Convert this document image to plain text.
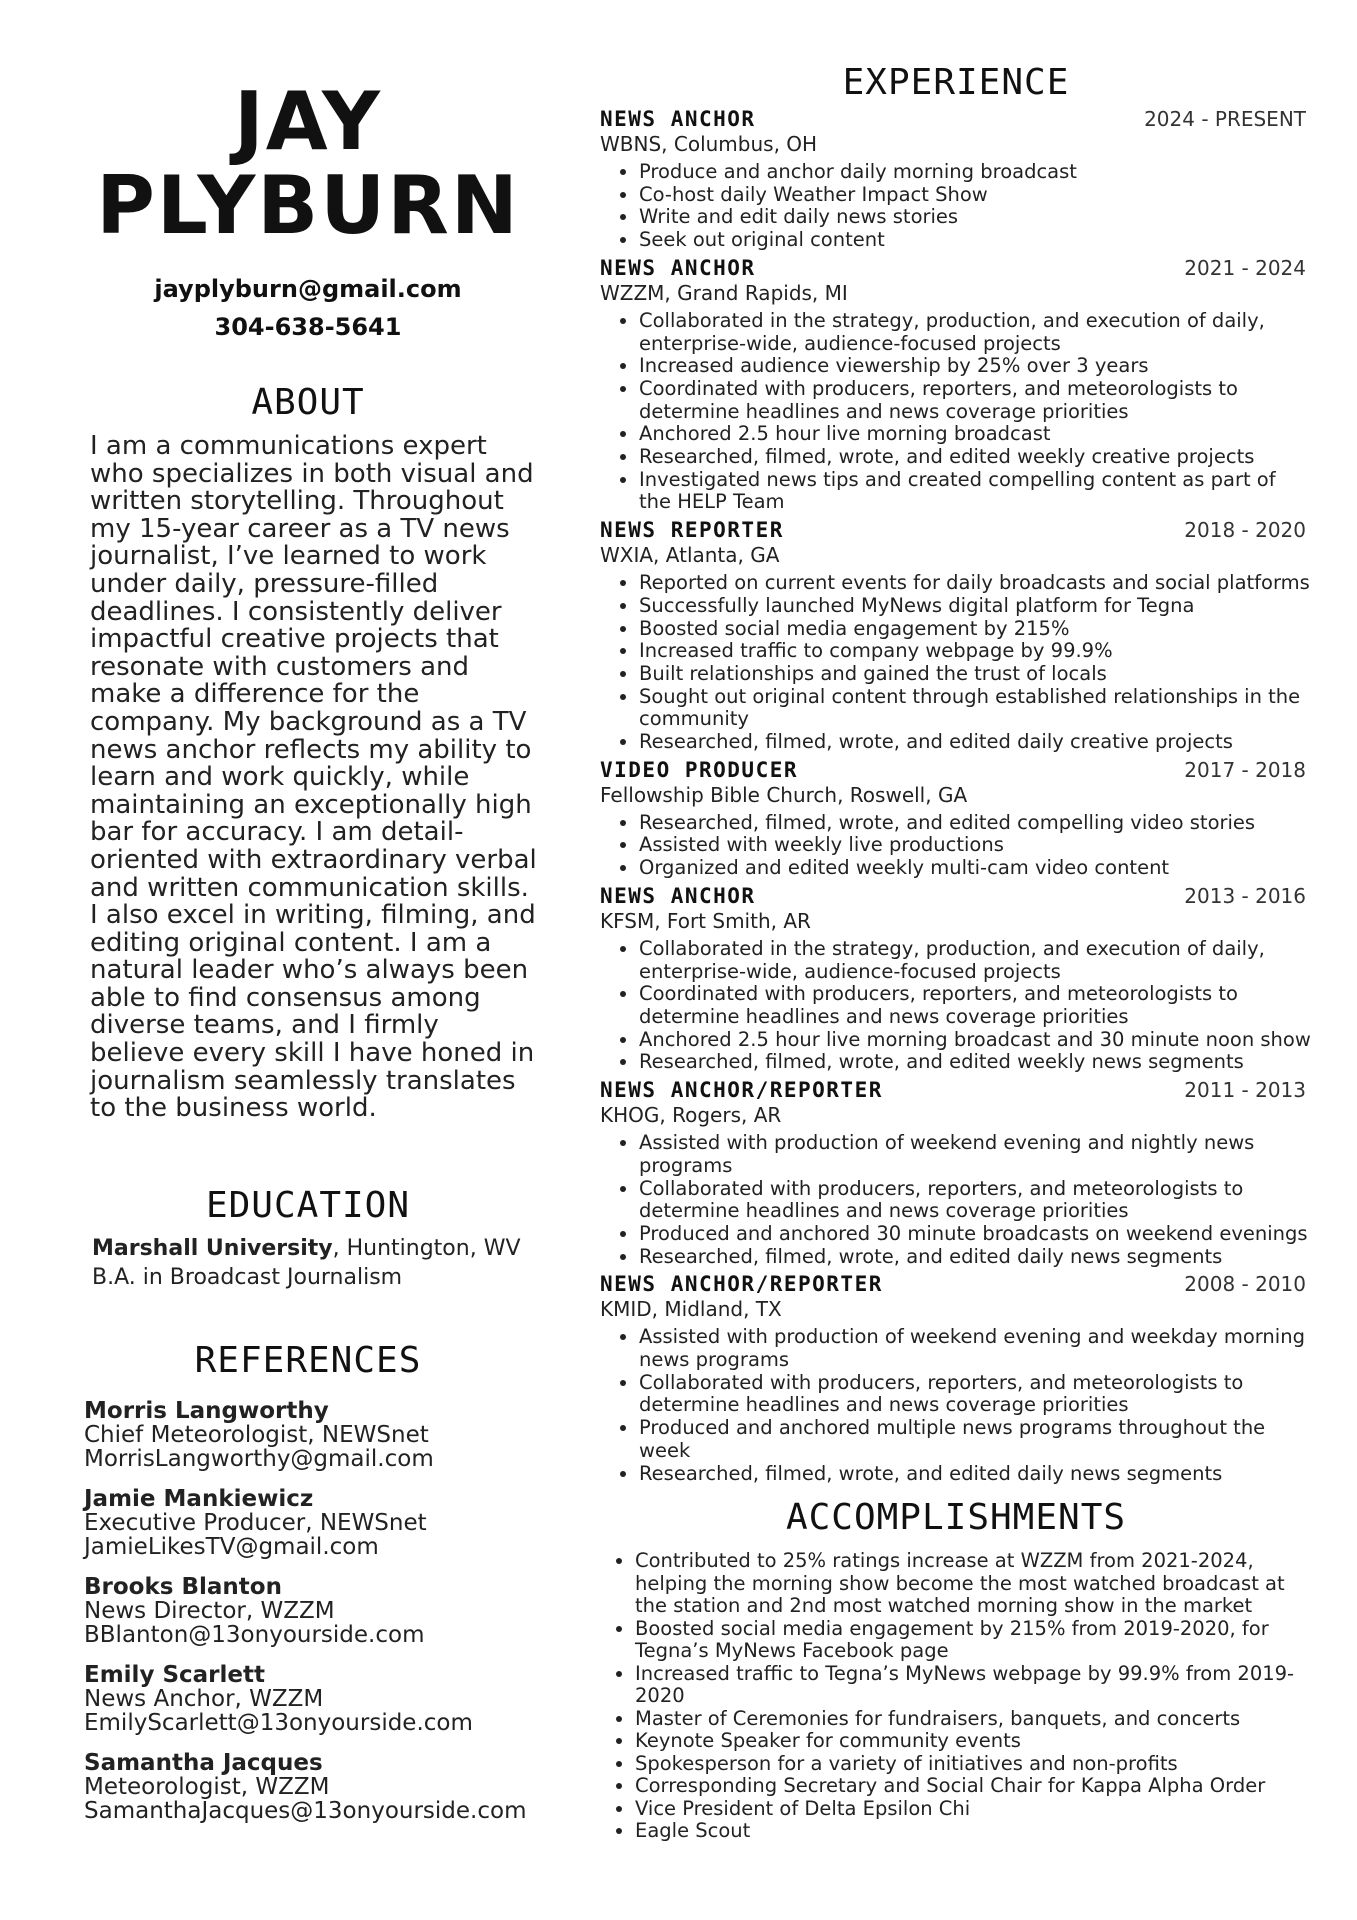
JAY
PLYBURN
jayplyburn@gmail.com
304-638-5641
ABOUT
I am a communications expert who specializes in both visual and written storytelling. Throughout my 15-year career as a TV news journalist, I’ve learned to work under daily, pressure-filled deadlines. I consistently deliver impactful creative projects that resonate with customers and make a difference for the company. My background as a TV news anchor reflects my ability to learn and work quickly, while maintaining an exceptionally high bar for accuracy. I am detail-oriented with extraordinary verbal and written communication skills. I also excel in writing, filming, and editing original content. I am a natural leader who’s always been able to find consensus among diverse teams, and I firmly believe every skill I have honed in journalism seamlessly translates to the business world.
EDUCATION
Marshall University, Huntington, WV
B.A. in Broadcast Journalism
REFERENCES
Morris Langworthy
Chief Meteorologist, NEWSnet
MorrisLangworthy@gmail.com
Jamie Mankiewicz
Executive Producer, NEWSnet
JamieLikesTV@gmail.com
Brooks Blanton
News Director, WZZM
BBlanton@13onyourside.com
Emily Scarlett
News Anchor, WZZM
EmilyScarlett@13onyourside.com
Samantha Jacques
Meteorologist, WZZM
SamanthaJacques@13onyourside.com
EXPERIENCE
NEWS ANCHOR	2024 - PRESENT
WBNS, Columbus, OH
• Produce and anchor daily morning broadcast
• Co-host daily Weather Impact Show
• Write and edit daily news stories
• Seek out original content
NEWS ANCHOR	2021 - 2024
WZZM, Grand Rapids, MI
• Collaborated in the strategy, production, and execution of daily, enterprise-wide, audience-focused projects
• Increased audience viewership by 25% over 3 years
• Coordinated with producers, reporters, and meteorologists to determine headlines and news coverage priorities
• Anchored 2.5 hour live morning broadcast
• Researched, filmed, wrote, and edited weekly creative projects
• Investigated news tips and created compelling content as part of the HELP Team
NEWS REPORTER	2018 - 2020
WXIA, Atlanta, GA
• Reported on current events for daily broadcasts and social platforms
• Successfully launched MyNews digital platform for Tegna
• Boosted social media engagement by 215%
• Increased traffic to company webpage by 99.9%
• Built relationships and gained the trust of locals
• Sought out original content through established relationships in the community
• Researched, filmed, wrote, and edited daily creative projects
VIDEO PRODUCER	2017 - 2018
Fellowship Bible Church, Roswell, GA
• Researched, filmed, wrote, and edited compelling video stories
• Assisted with weekly live productions
• Organized and edited weekly multi-cam video content
NEWS ANCHOR	2013 - 2016
KFSM, Fort Smith, AR
• Collaborated in the strategy, production, and execution of daily, enterprise-wide, audience-focused projects
• Coordinated with producers, reporters, and meteorologists to determine headlines and news coverage priorities
• Anchored 2.5 hour live morning broadcast and 30 minute noon show
• Researched, filmed, wrote, and edited weekly news segments
NEWS ANCHOR/REPORTER	2011 - 2013
KHOG, Rogers, AR
• Assisted with production of weekend evening and nightly news programs
• Collaborated with producers, reporters, and meteorologists to determine headlines and news coverage priorities
• Produced and anchored 30 minute broadcasts on weekend evenings
• Researched, filmed, wrote, and edited daily news segments
NEWS ANCHOR/REPORTER	2008 - 2010
KMID, Midland, TX
• Assisted with production of weekend evening and weekday morning news programs
• Collaborated with producers, reporters, and meteorologists to determine headlines and news coverage priorities
• Produced and anchored multiple news programs throughout the week
• Researched, filmed, wrote, and edited daily news segments
ACCOMPLISHMENTS
• Contributed to 25% ratings increase at WZZM from 2021-2024, helping the morning show become the most watched broadcast at the station and 2nd most watched morning show in the market
• Boosted social media engagement by 215% from 2019-2020, for Tegna’s MyNews Facebook page
• Increased traffic to Tegna’s MyNews webpage by 99.9% from 2019-2020
• Master of Ceremonies for fundraisers, banquets, and concerts
• Keynote Speaker for community events
• Spokesperson for a variety of initiatives and non-profits
• Corresponding Secretary and Social Chair for Kappa Alpha Order
• Vice President of Delta Epsilon Chi
• Eagle Scout
